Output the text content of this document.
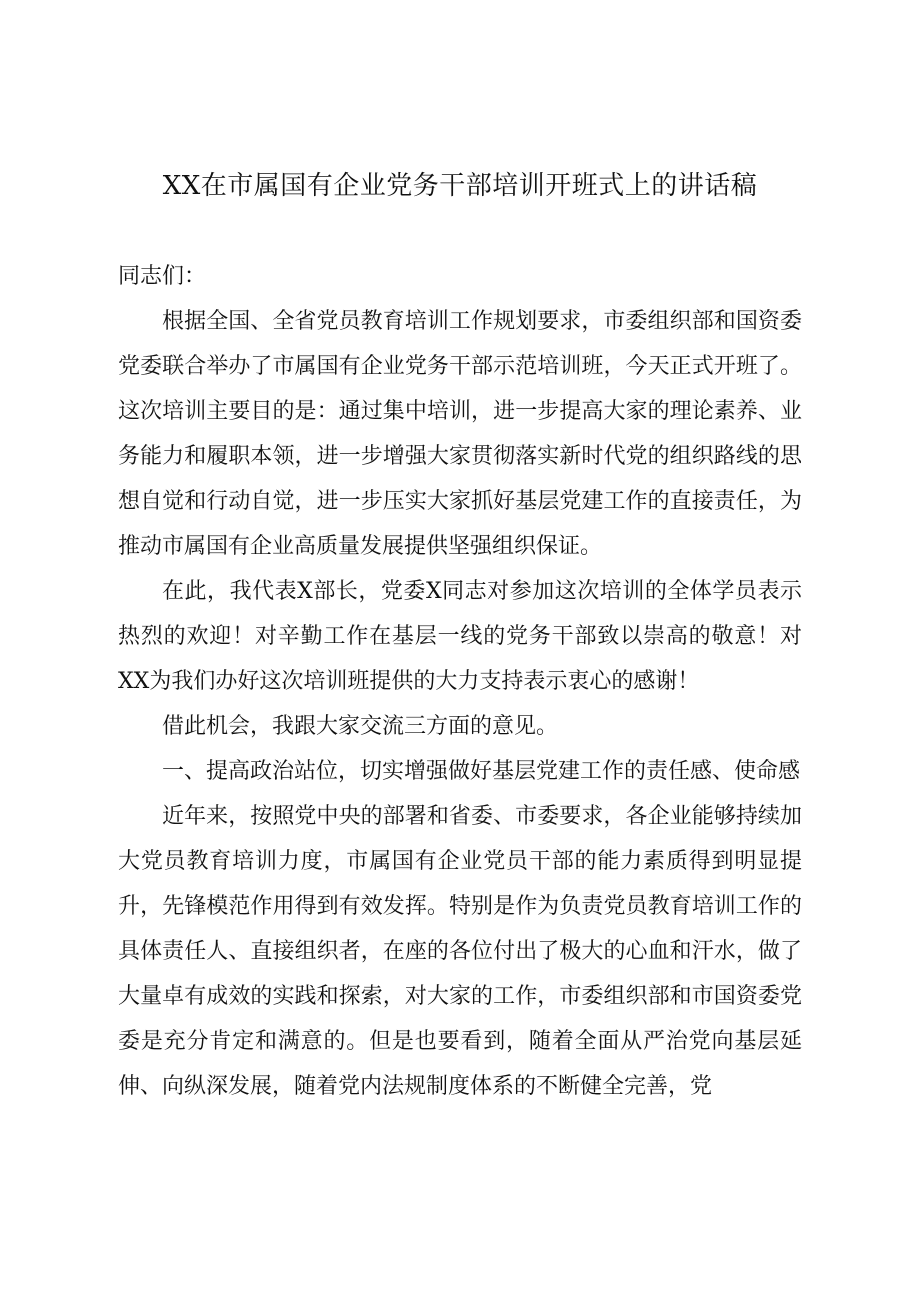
XX在市属国有企业党务干部培训开班式上的讲话稿

同志们：

根据全国、全省党员教育培训工作规划要求，市委组织部和国资委党委联合举办了市属国有企业党务干部示范培训班，今天正式开班了。这次培训主要目的是：通过集中培训，进一步提高大家的理论素养、业务能力和履职本领，进一步增强大家贯彻落实新时代党的组织路线的思想自觉和行动自觉，进一步压实大家抓好基层党建工作的直接责任，为推动市属国有企业高质量发展提供坚强组织保证。

在此，我代表X部长，党委X同志对参加这次培训的全体学员表示热烈的欢迎！对辛勤工作在基层一线的党务干部致以崇高的敬意！对XX为我们办好这次培训班提供的大力支持表示衷心的感谢！

借此机会，我跟大家交流三方面的意见。

一、提高政治站位，切实增强做好基层党建工作的责任感、使命感

近年来，按照党中央的部署和省委、市委要求，各企业能够持续加大党员教育培训力度，市属国有企业党员干部的能力素质得到明显提升，先锋模范作用得到有效发挥。特别是作为负责党员教育培训工作的具体责任人、直接组织者，在座的各位付出了极大的心血和汗水，做了大量卓有成效的实践和探索，对大家的工作，市委组织部和市国资委党委是充分肯定和满意的。但是也要看到，随着全面从严治党向基层延伸、向纵深发展，随着党内法规制度体系的不断健全完善，党
